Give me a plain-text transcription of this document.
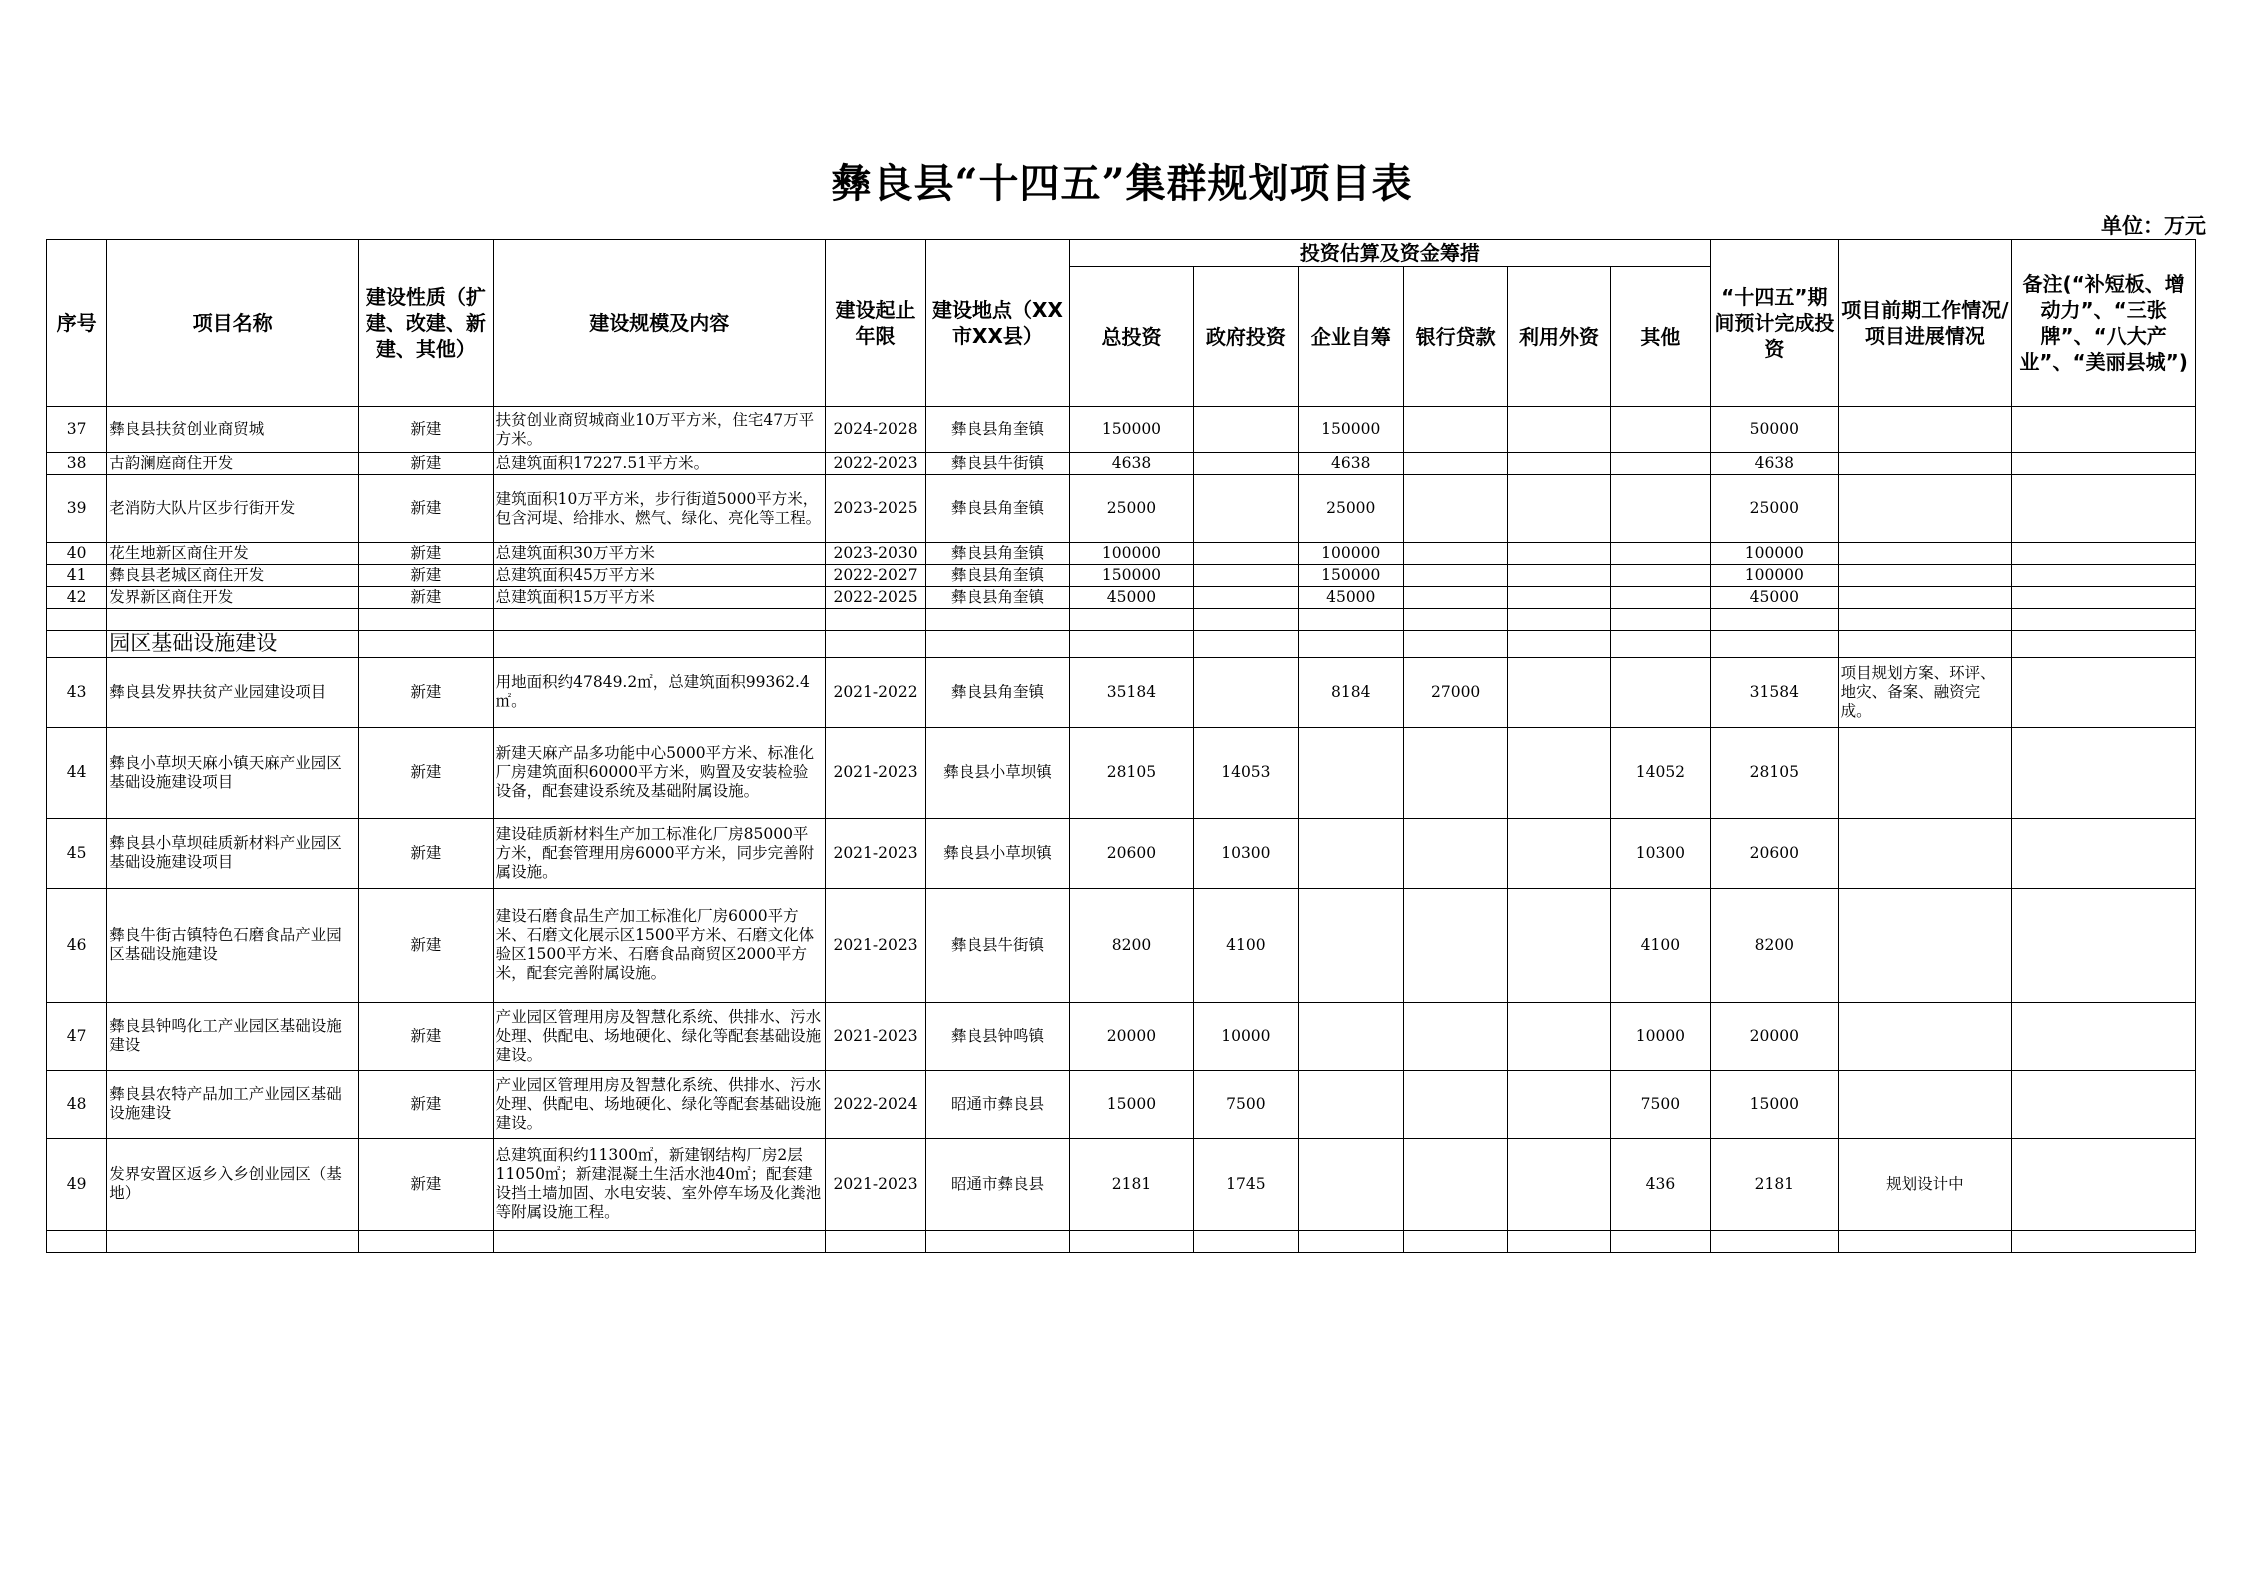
彝良县“十四五”集群规划项目表
单位：万元
序号	项目名称	建设性质（扩建、改建、新建、其他）	建设规模及内容	建设起止年限	建设地点（XX市XX县）	投资估算及资金筹措						“十四五”期间预计完成投资	项目前期工作情况/项目进展情况	备注(“补短板、增动力”、“三张牌”、“八大产业”、“美丽县城”)
						总投资	政府投资	企业自筹	银行贷款	利用外资	其他			
37	彝良县扶贫创业商贸城	新建	扶贫创业商贸城商业10万平方米，住宅47万平方米。	2024-2028	彝良县角奎镇	150000		150000				50000		
38	古韵澜庭商住开发	新建	总建筑面积17227.51平方米。	2022-2023	彝良县牛街镇	4638		4638				4638		
39	老消防大队片区步行街开发	新建	建筑面积10万平方米，步行街道5000平方米，包含河堤、给排水、燃气、绿化、亮化等工程。	2023-2025	彝良县角奎镇	25000		25000				25000		
40	花生地新区商住开发	新建	总建筑面积30万平方米	2023-2030	彝良县角奎镇	100000		100000				100000		
41	彝良县老城区商住开发	新建	总建筑面积45万平方米	2022-2027	彝良县角奎镇	150000		150000				100000		
42	发界新区商住开发	新建	总建筑面积15万平方米	2022-2025	彝良县角奎镇	45000		45000				45000		

	园区基础设施建设													
43	彝良县发界扶贫产业园建设项目	新建	用地面积约47849.2㎡，总建筑面积99362.4㎡。	2021-2022	彝良县角奎镇	35184		8184	27000			31584	项目规划方案、环评、地灾、备案、融资完成。	
44	彝良小草坝天麻小镇天麻产业园区基础设施建设项目	新建	新建天麻产品多功能中心5000平方米、标准化厂房建筑面积60000平方米，购置及安装检验设备，配套建设系统及基础附属设施。	2021-2023	彝良县小草坝镇	28105	14053				14052	28105		
45	彝良县小草坝硅质新材料产业园区基础设施建设项目	新建	建设硅质新材料生产加工标准化厂房85000平方米，配套管理用房6000平方米，同步完善附属设施。	2021-2023	彝良县小草坝镇	20600	10300				10300	20600		
46	彝良牛街古镇特色石磨食品产业园区基础设施建设	新建	建设石磨食品生产加工标准化厂房6000平方米、石磨文化展示区1500平方米、石磨文化体验区1500平方米、石磨食品商贸区2000平方米，配套完善附属设施。	2021-2023	彝良县牛街镇	8200	4100				4100	8200		
47	彝良县钟鸣化工产业园区基础设施建设	新建	产业园区管理用房及智慧化系统、供排水、污水处理、供配电、场地硬化、绿化等配套基础设施建设。	2021-2023	彝良县钟鸣镇	20000	10000				10000	20000		
48	彝良县农特产品加工产业园区基础设施建设	新建	产业园区管理用房及智慧化系统、供排水、污水处理、供配电、场地硬化、绿化等配套基础设施建设。	2022-2024	昭通市彝良县	15000	7500				7500	15000		
49	发界安置区返乡入乡创业园区（基地）	新建	总建筑面积约11300㎡，新建钢结构厂房2层11050㎡；新建混凝土生活水池40㎡；配套建设挡土墙加固、水电安装、室外停车场及化粪池等附属设施工程。	2021-2023	昭通市彝良县	2181	1745				436	2181	规划设计中	
